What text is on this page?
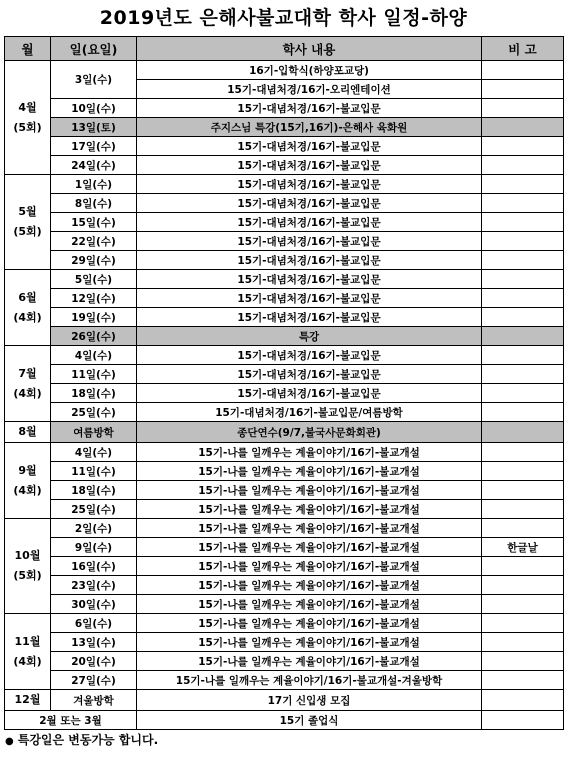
2019년도 은해사불교대학 학사 일정-하양
월	일(요일)	학사 내용	비 고

4월
(5회)	3일(수)	16기-입학식(하양포교당)	
		15기-대념처경/16기-오리엔테이션	
	10일(수)	15기-대념처경/16기-불교입문	
	13일(토)	주지스님 특강(15기,16기)-은해사 육화원	
	17일(수)	15기-대념처경/16기-불교입문	
	24일(수)	15기-대념처경/16기-불교입문	

5월
(5회)	1일(수)	15기-대념처경/16기-불교입문	
	8일(수)	15기-대념처경/16기-불교입문	
	15일(수)	15기-대념처경/16기-불교입문	
	22일(수)	15기-대념처경/16기-불교입문	
	29일(수)	15기-대념처경/16기-불교입문	

6월
(4회)	5일(수)	15기-대념처경/16기-불교입문	
	12일(수)	15기-대념처경/16기-불교입문	
	19일(수)	15기-대념처경/16기-불교입문	
	26일(수)	특강	

7월
(4회)	4일(수)	15기-대념처경/16기-불교입문	
	11일(수)	15기-대념처경/16기-불교입문	
	18일(수)	15기-대념처경/16기-불교입문	
	25일(수)	15기-대념처경/16기-불교입문/여름방학	

8월	여름방학	종단연수(9/7,불국사문화회관)	

9월
(4회)	4일(수)	15기-나를 일깨우는 계율이야기/16기-불교개설	
	11일(수)	15기-나를 일깨우는 계율이야기/16기-불교개설	
	18일(수)	15기-나를 일깨우는 계율이야기/16기-불교개설	
	25일(수)	15기-나를 일깨우는 계율이야기/16기-불교개설	

10월
(5회)	2일(수)	15기-나를 일깨우는 계율이야기/16기-불교개설	
	9일(수)	15기-나를 일깨우는 계율이야기/16기-불교개설	한글날
	16일(수)	15기-나를 일깨우는 계율이야기/16기-불교개설	
	23일(수)	15기-나를 일깨우는 계율이야기/16기-불교개설	
	30일(수)	15기-나를 일깨우는 계율이야기/16기-불교개설	

11월
(4회)	6일(수)	15기-나를 일깨우는 계율이야기/16기-불교개설	
	13일(수)	15기-나를 일깨우는 계율이야기/16기-불교개설	
	20일(수)	15기-나를 일깨우는 계율이야기/16기-불교개설	
	27일(수)	15기-나를 일깨우는 계율이야기/16기-불교개설-겨울방학	

12월	겨울방학	17기 신입생 모집	
2월 또는 3월		15기 졸업식	
● 특강일은 변동가능 합니다.
